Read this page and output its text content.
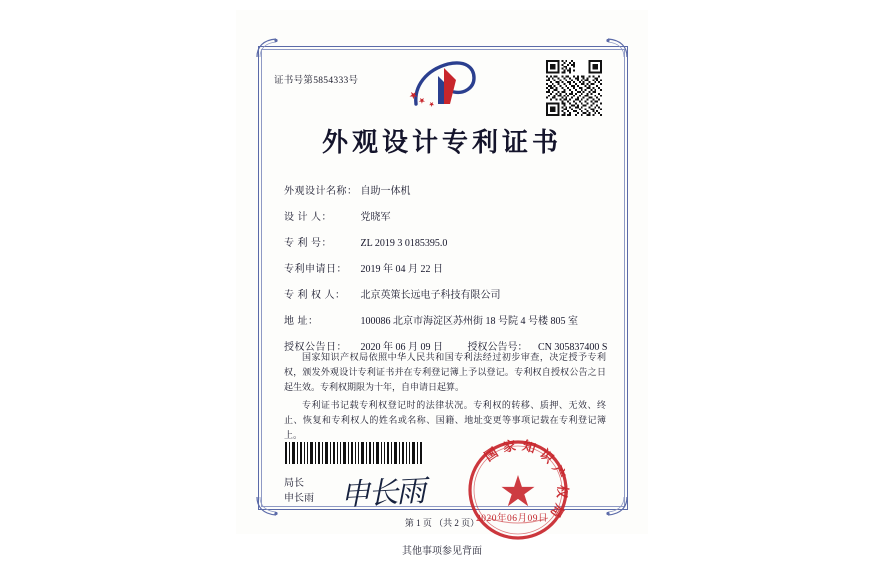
证书号第5854333号
外观设计专利证书
外观设计名称： 自助一体机
设 计 人：	党晓军
专 利 号：	ZL 2019 3 0185395.0
专利申请日： 2019 年 04 月 22 日
专 利 权 人： 北京英策长远电子科技有限公司
地 址：	100086 北京市海淀区苏州街 18 号院 4 号楼 805 室
授权公告日： 2020 年 06 月 09 日 授权公告号： CN 305837400 S

国家知识产权局依照中华人民共和国专利法经过初步审查，决定授予专利权，颁发外观设计专利证书并在专利登记簿上予以登记。专利权自授权公告之日起生效。专利权期限为十年，自申请日起算。

专利证书记载专利权登记时的法律状况。专利权的转移、质押、无效、终止、恢复和专利权人的姓名或名称、国籍、地址变更等事项记载在专利登记簿上。

局长
申长雨 申长雨
国家知识产权局
2020年06月09日
第 1 页 （共 2 页）
其他事项参见背面
